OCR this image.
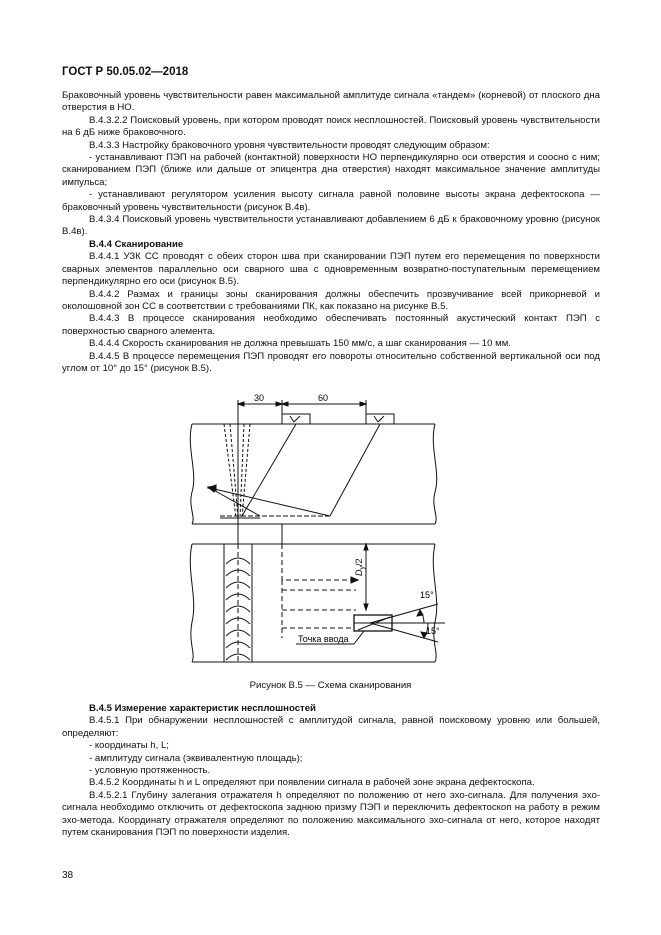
ГОСТ Р 50.05.02—2018

Браковочный уровень чувствительности равен максимальной амплитуде сигнала «тандем» (корневой) от плоского дна отверстия в НО.

В.4.3.2.2 Поисковый уровень, при котором проводят поиск несплошностей. Поисковый уровень чувствительности на 6 дБ ниже браковочного.

В.4.3.3 Настройку браковочного уровня чувствительности проводят следующим образом:

- устанавливают ПЭП на рабочей (контактной) поверхности НО перпендикулярно оси отверстия и соосно с ним; сканированием ПЭП (ближе или дальше от эпицентра дна отверстия) находят максимальное значение амплитуды импульса;

- устанавливают регулятором усиления высоту сигнала равной половине высоты экрана дефектоскопа — браковочный уровень чувствительности (рисунок В.4в).

В.4.3.4 Поисковый уровень чувствительности устанавливают добавлением 6 дБ к браковочному уровню (рисунок В.4в).

В.4.4 Сканирование

В.4.4.1 УЗК СС проводят с обеих сторон шва при сканировании ПЭП путем его перемещения по поверхности сварных элементов параллельно оси сварного шва с одновременным возвратно-поступательным перемещением перпендикулярно его оси (рисунок В.5).

В.4.4.2 Размах и границы зоны сканирования должны обеспечить прозвучивание всей прикорневой и околошовной зон СС в соответствии с требованиями ПК, как показано на рисунке В.5.

В.4.4.3 В процессе сканирования необходимо обеспечивать постоянный акустический контакт ПЭП с поверхностью сварного элемента.

В.4.4.4 Скорость сканирования не должна превышать 150 мм/с, а шаг сканирования — 10 мм.

В.4.4.5 В процессе перемещения ПЭП проводят его повороты относительно собственной вертикальной оси под углом от 10° до 15° (рисунок В.5).

30	60
$D_y/2$
15°
15°
Точка ввода
Рисунок В.5 — Схема сканирования

В.4.5 Измерение характеристик несплошностей

В.4.5.1 При обнаружении несплошностей с амплитудой сигнала, равной поисковому уровню или большей, определяют:

- координаты h, L;

- амплитуду сигнала (эквивалентную площадь);

- условную протяженность.

В.4.5.2 Координаты h и L определяют при появлении сигнала в рабочей зоне экрана дефектоскопа.

В.4.5.2.1 Глубину залегания отражателя h определяют по положению от него эхо-сигнала. Для получения эхо-сигнала необходимо отключить от дефектоскопа заднюю призму ПЭП и переключить дефектоскоп на работу в режим эхо-метода. Координату отражателя определяют по положению максимального эхо-сигнала от него, которое находят путем сканирования ПЭП по поверхности изделия.

38
